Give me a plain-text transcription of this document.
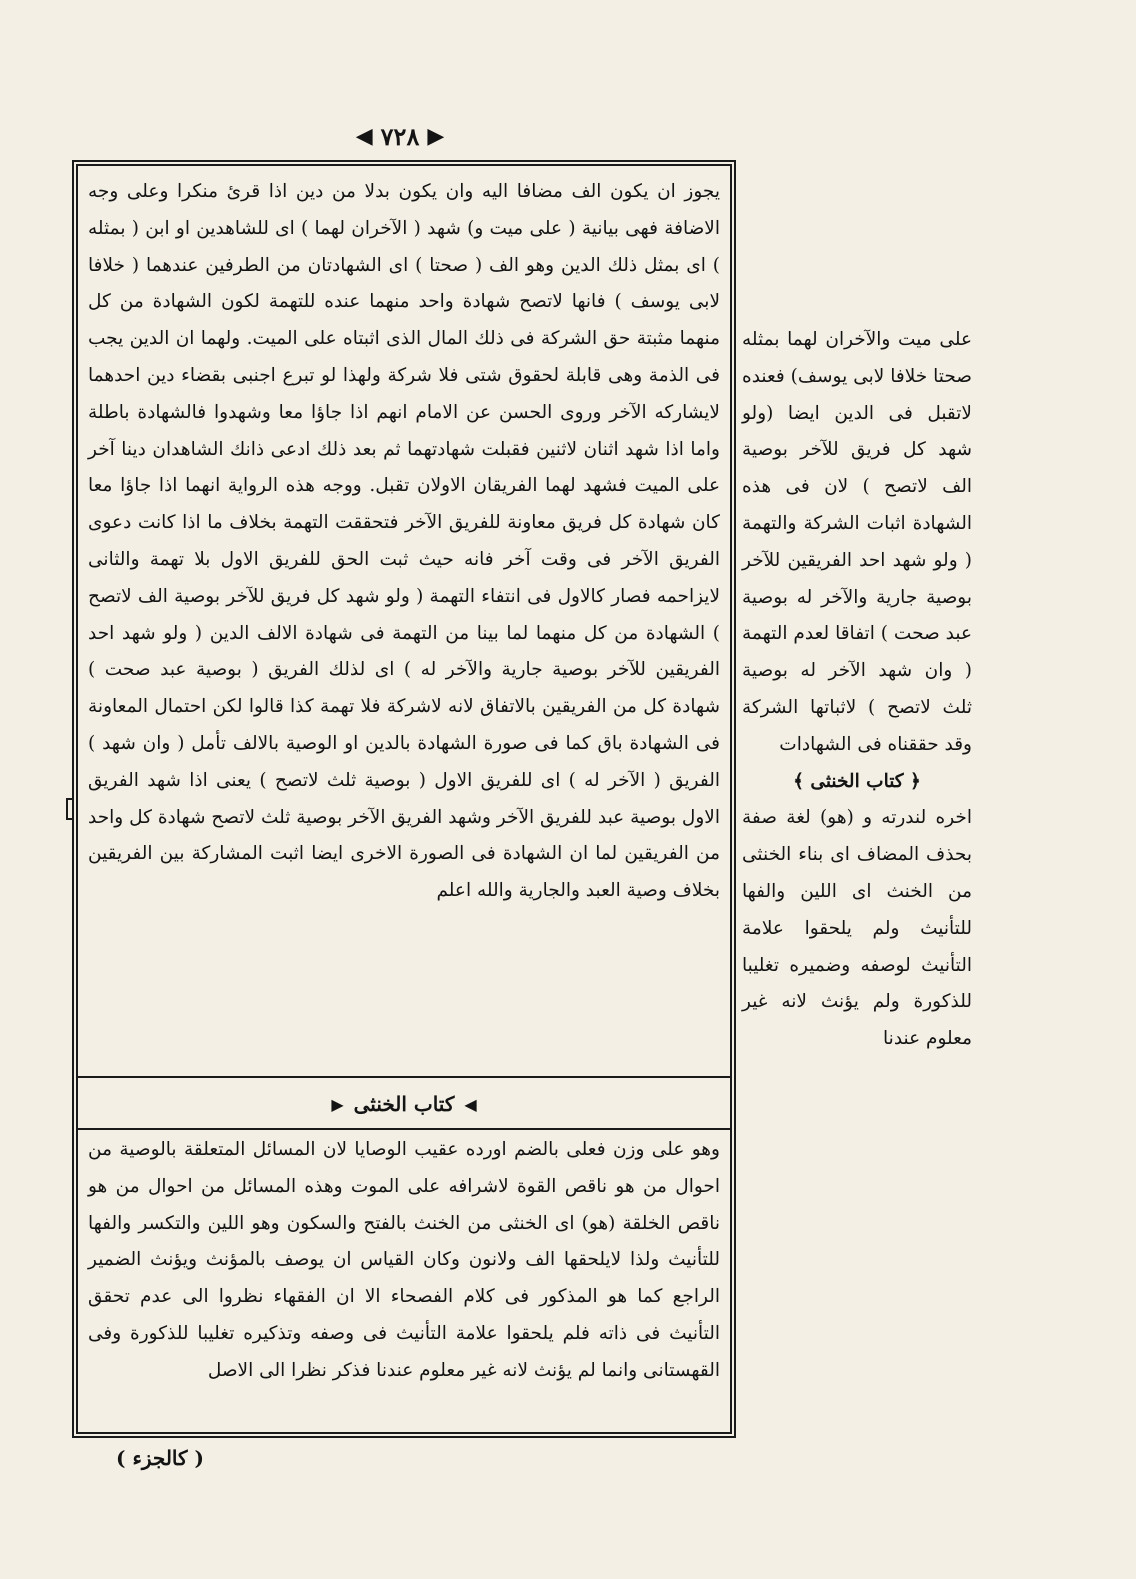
◀ ٧٢٨ ▶

يجوز ان يكون الف مضافا اليه وان يكون بدلا من دين اذا قرئ منكرا وعلى وجه الاضافة فهى بيانية ( على ميت و) شهد ( الآخران لهما ) اى للشاهدين او ابن ( بمثله ) اى بمثل ذلك الدين وهو الف ( صحتا ) اى الشهادتان من الطرفين عندهما ( خلافا لابى يوسف ) فانها لاتصح شهادة واحد منهما عنده للتهمة لكون الشهادة من كل منهما مثبتة حق الشركة فى ذلك المال الذى اثبتاه على الميت. ولهما ان الدين يجب فى الذمة وهى قابلة لحقوق شتى فلا شركة ولهذا لو تبرع اجنبى بقضاء دين احدهما لايشاركه الآخر وروى الحسن عن الامام انهم اذا جاؤا معا وشهدوا فالشهادة باطلة واما اذا شهد اثنان لاثنين فقبلت شهادتهما ثم بعد ذلك ادعى ذانك الشاهدان دينا آخر على الميت فشهد لهما الفريقان الاولان تقبل. ووجه هذه الرواية انهما اذا جاؤا معا كان شهادة كل فريق معاونة للفريق الآخر فتحققت التهمة بخلاف ما اذا كانت دعوى الفريق الآخر فى وقت آخر فانه حيث ثبت الحق للفريق الاول بلا تهمة والثانى لايزاحمه فصار كالاول فى انتفاء التهمة ( ولو شهد كل فريق للآخر بوصية الف لاتصح ) الشهادة من كل منهما لما بينا من التهمة فى شهادة الالف الدين ( ولو شهد احد الفريقين للآخر بوصية جارية والآخر له ) اى لذلك الفريق ( بوصية عبد صحت ) شهادة كل من الفريقين بالاتفاق لانه لاشركة فلا تهمة كذا قالوا لكن احتمال المعاونة فى الشهادة باق كما فى صورة الشهادة بالدين او الوصية بالالف تأمل ( وان شهد ) الفريق ( الآخر له ) اى للفريق الاول ( بوصية ثلث لاتصح ) يعنى اذا شهد الفريق الاول بوصية عبد للفريق الآخر وشهد الفريق الآخر بوصية ثلث لاتصح شهادة كل واحد من الفريقين لما ان الشهادة فى الصورة الاخرى ايضا اثبت المشاركة بين الفريقين بخلاف وصية العبد والجارية والله اعلم

◀
كتاب الخنثى
▶

وهو على وزن فعلى بالضم اورده عقيب الوصايا لان المسائل المتعلقة بالوصية من احوال من هو ناقص القوة لاشرافه على الموت وهذه المسائل من احوال من هو ناقص الخلقة (هو) اى الخنثى من الخنث بالفتح والسكون وهو اللين والتكسر والفها للتأنيث ولذا لايلحقها الف ولانون وكان القياس ان يوصف بالمؤنث ويؤنث الضمير الراجع كما هو المذكور فى كلام الفصحاء الا ان الفقهاء نظروا الى عدم تحقق التأنيث فى ذاته فلم يلحقوا علامة التأنيث فى وصفه وتذكيره تغليبا للذكورة وفى القهستانى وانما لم يؤنث لانه غير معلوم عندنا فذكر نظرا الى الاصل

على ميت والآخران لهما بمثله صحتا خلافا لابى يوسف) فعنده لاتقبل فى الدين ايضا (ولو شهد كل فريق للآخر بوصية الف لاتصح ) لان فى هذه الشهادة اثبات الشركة والتهمة ( ولو شهد احد الفريقين للآخر بوصية جارية والآخر له بوصية عبد صحت ) اتفاقا لعدم التهمة ( وان شهد الآخر له بوصية ثلث لاتصح ) لاثباتها الشركة وقد حققناه فى الشهادات

﴿ كتاب الخنثى ﴾

اخره لندرته و (هو) لغة صفة بحذف المضاف اى بناء الخنثى من الخنث اى اللين والفها للتأنيث ولم يلحقوا علامة التأنيث لوصفه وضميره تغليبا للذكورة ولم يؤنث لانه غير معلوم عندنا

( كالجزء )
